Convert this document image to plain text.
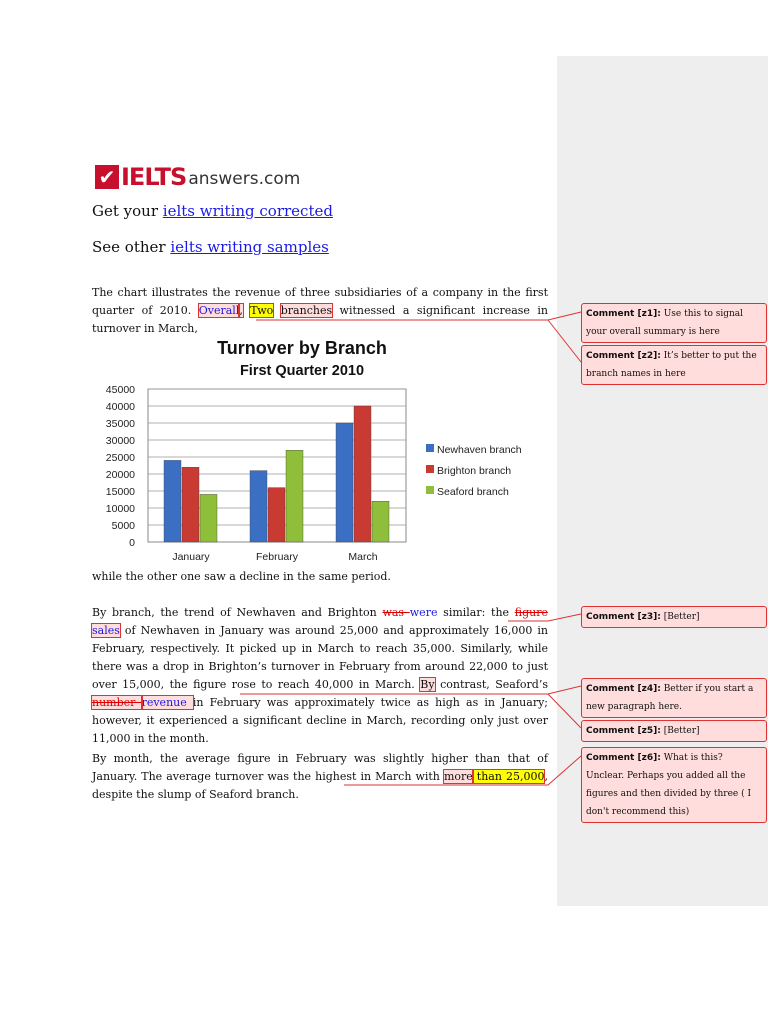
✔ IELTS answers.com
Get your ielts writing corrected
See other ielts writing samples

The chart illustrates the revenue of three subsidiaries of a company in the first quarter of 2010. Overall, Two branches witnessed a significant increase in turnover in March,

0
5000
10000
15000
20000
25000
30000
35000
40000
45000
January	February	March
Turnover by Branch
First Quarter 2010
Newhaven branch
Brighton branch
Seaford branch

while the other one saw a decline in the same period.

By branch, the trend of Newhaven and Brighton was were similar: the figure sales of Newhaven in January was around 25,000 and approximately 16,000 in February, respectively. It picked up in March to reach 35,000. Similarly, while there was a drop in Brighton’s turnover in February from around 22,000 to just over 15,000, the figure rose to reach 40,000 in March. By contrast, Seaford’s number revenue in February was approximately twice as high as in January; however, it experienced a significant decline in March, recording only just over 11,000 in the month.

By month, the average figure in February was slightly higher than that of January. The average turnover was the highest in March with more than 25,000, despite the slump of Seaford branch.

Comment [z1]: Use this to signal your overall summary is here
Comment [z2]: It’s better to put the branch names in here
Comment [z3]: [Better]
Comment [z4]: Better if you start a new paragraph here.
Comment [z5]: [Better]
Comment [z6]: What is this? Unclear. Perhaps you added all the figures and then divided by three ( I don't recommend this)
